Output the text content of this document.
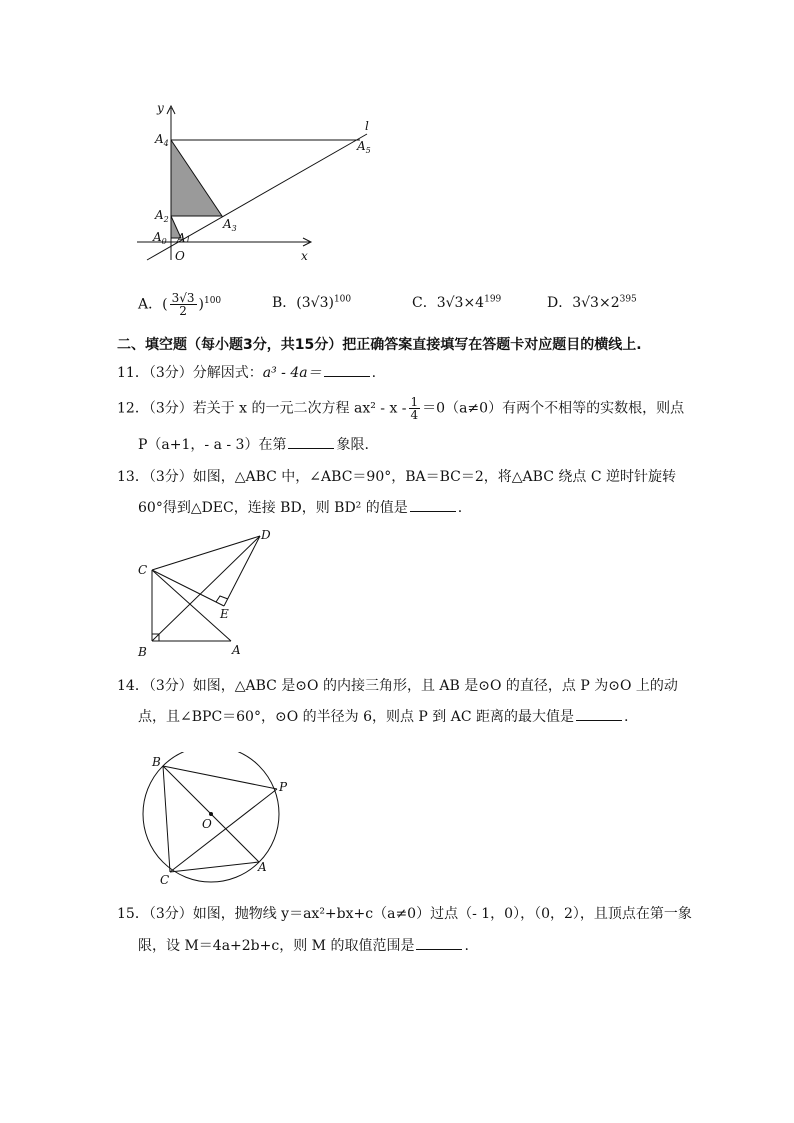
y
x
O
l
$A_4$
$A_2$
$A_0$ A1
$A_3$
$A_5$
A．( $\frac{3√3}{2} )^{100}$	B．$(3√3)^{100}$	C．$3√3\times 4^{199}$	D．$3√3\times 2^{395}$
二、填空题（每小题3分，共15分）把正确答案直接填写在答题卡对应题目的横线上.
11．（3分）分解因式：a³ - 4a＝	.
12．（3分）若关于 x 的一元二次方程 $ax^2 - x - \frac{1}{4} =0(a\ne 0)$有两个不相等的实数根，则点
P（a+1，- a - 3）在第	象限.
13．（3分）如图，△ABC 中，∠ABC＝90°，BA＝BC＝2，将△ABC 绕点 C 逆时针旋转
60°得到△DEC，连接 BD，则 BD² 的值是	.
C
D
E
B	A
14．（3分）如图，△ABC 是⊙O 的内接三角形，且 AB 是⊙O 的直径，点 P 为⊙O 上的动
点，且∠BPC＝60°，⊙O 的半径为 6，则点 P 到 AC 距离的最大值是	.
B
P
O
C
A
15．（3分）如图，抛物线 y＝ax²+bx+c（a≠0）过点（- 1，0），（0，2），且顶点在第一象
限，设 M＝4a+2b+c，则 M 的取值范围是	.
